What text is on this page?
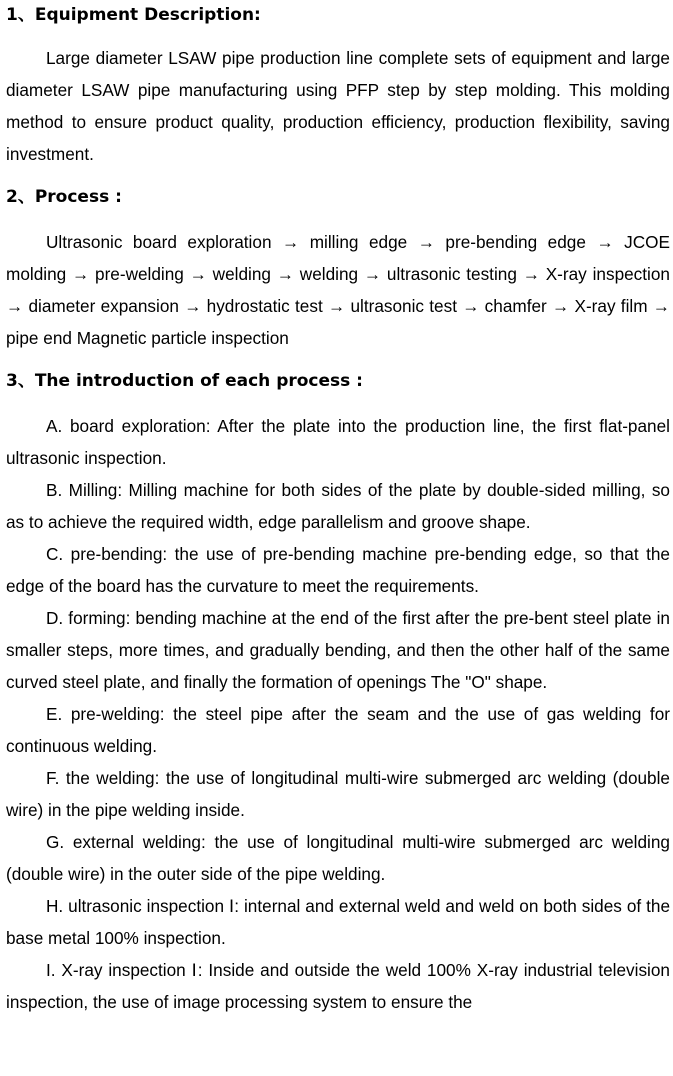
1、Equipment Description:

Large diameter LSAW pipe production line complete sets of equipment and large diameter LSAW pipe manufacturing using PFP step by step molding. This molding method to ensure product quality, production efficiency, production flexibility, saving investment.

2、Process :

Ultrasonic board exploration → milling edge → pre-bending edge → JCOE molding → pre-welding → welding → welding → ultrasonic testing → X-ray inspection → diameter expansion → hydrostatic test → ultrasonic test → chamfer → X-ray film → pipe end Magnetic particle inspection

3、The introduction of each process :

A. board exploration: After the plate into the production line, the first flat-panel ultrasonic inspection.

B. Milling: Milling machine for both sides of the plate by double-sided milling, so as to achieve the required width, edge parallelism and groove shape.

C. pre-bending: the use of pre-bending machine pre-bending edge, so that the edge of the board has the curvature to meet the requirements.

D. forming: bending machine at the end of the first after the pre-bent steel plate in smaller steps, more times, and gradually bending, and then the other half of the same curved steel plate, and finally the formation of openings The "O" shape.

E. pre-welding: the steel pipe after the seam and the use of gas welding for continuous welding.

F. the welding: the use of longitudinal multi-wire submerged arc welding (double wire) in the pipe welding inside.

G. external welding: the use of longitudinal multi-wire submerged arc welding (double wire) in the outer side of the pipe welding.

H. ultrasonic inspection Ⅰ: internal and external weld and weld on both sides of the base metal 100% inspection.

I. X-ray inspection Ⅰ: Inside and outside the weld 100% X-ray industrial television inspection, the use of image processing system to ensure the
